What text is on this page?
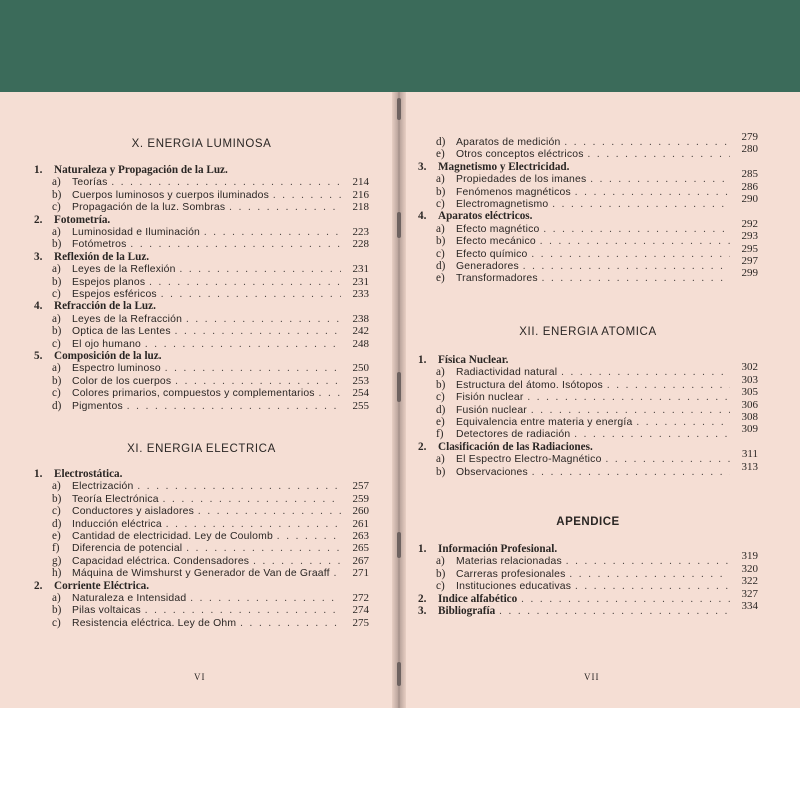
X. ENERGIA LUMINOSA
XI. ENERGIA ELECTRICA
1.	Naturaleza y Propagación de la Luz.
a)	Teorías . . .	214
b)	Cuerpos luminosos y cuerpos iluminados . . .	216
c)	Propagación de la luz. Sombras . . .	218
2.	Fotometría.
a)	Luminosidad e Iluminación . . .	223
b)	Fotómetros . . .	228
3.	Reflexión de la Luz.
a)	Leyes de la Reflexión . . .	231
b)	Espejos planos . . .	231
c)	Espejos esféricos . . .	233
4.	Refracción de la Luz.
a)	Leyes de la Refracción . . .	238
b)	Optica de las Lentes . . .	242
c)	El ojo humano . . .	248
5.	Composición de la luz.
a)	Espectro luminoso . . .	250
b)	Color de los cuerpos . . .	253
c)	Colores primarios, compuestos y complementarios . . .	254
d)	Pigmentos . . .	255
1.	Electrostática.
a)	Electrización . . .	257
b)	Teoría Electrónica . . .	259
c)	Conductores y aisladores . . .	260
d)	Inducción eléctrica . . .	261
e)	Cantidad de electricidad. Ley de Coulomb . . .	263
f)	Diferencia de potencial . . .	265
g)	Capacidad eléctrica. Condensadores . . .	267
h)	Máquina de Wimshurst y Generador de Van de Graaff . . .	271
2.	Corriente Eléctrica.
a)	Naturaleza e Intensidad . . .	272
b)	Pilas voltaicas . . .	274
c)	Resistencia eléctrica. Ley de Ohm . . .	275
VI
XII. ENERGIA ATOMICA
APENDICE
d)	Aparatos de medición . . .	279
e)	Otros conceptos eléctricos . . .	280
3.	Magnetismo y Electricidad.
a)	Propiedades de los imanes . . .	285
b)	Fenómenos magnéticos . . .	286
c)	Electromagnetismo . . .	290
4.	Aparatos eléctricos.
a)	Efecto magnético . . .	292
b)	Efecto mecánico . . .	293
c)	Efecto químico . . .	295
d)	Generadores . . .	297
e)	Transformadores . . .	299
1.	Física Nuclear.
a)	Radiactividad natural . . .	302
b)	Estructura del átomo. Isótopos . . .	303
c)	Fisión nuclear . . .	305
d)	Fusión nuclear . . .	306
e)	Equivalencia entre materia y energía . . .	308
f)	Detectores de radiación . . .	309
2.	Clasificación de las Radiaciones.
a)	El Espectro Electro-Magnético . . .	311
b)	Observaciones . . .	313
1.	Información Profesional.
a)	Materias relacionadas . . .	319
b)	Carreras profesionales . . .	320
c)	Instituciones educativas . . .	322
2.	Indice alfabético . . .	327
3.	Bibliografía . . .	334
VII
